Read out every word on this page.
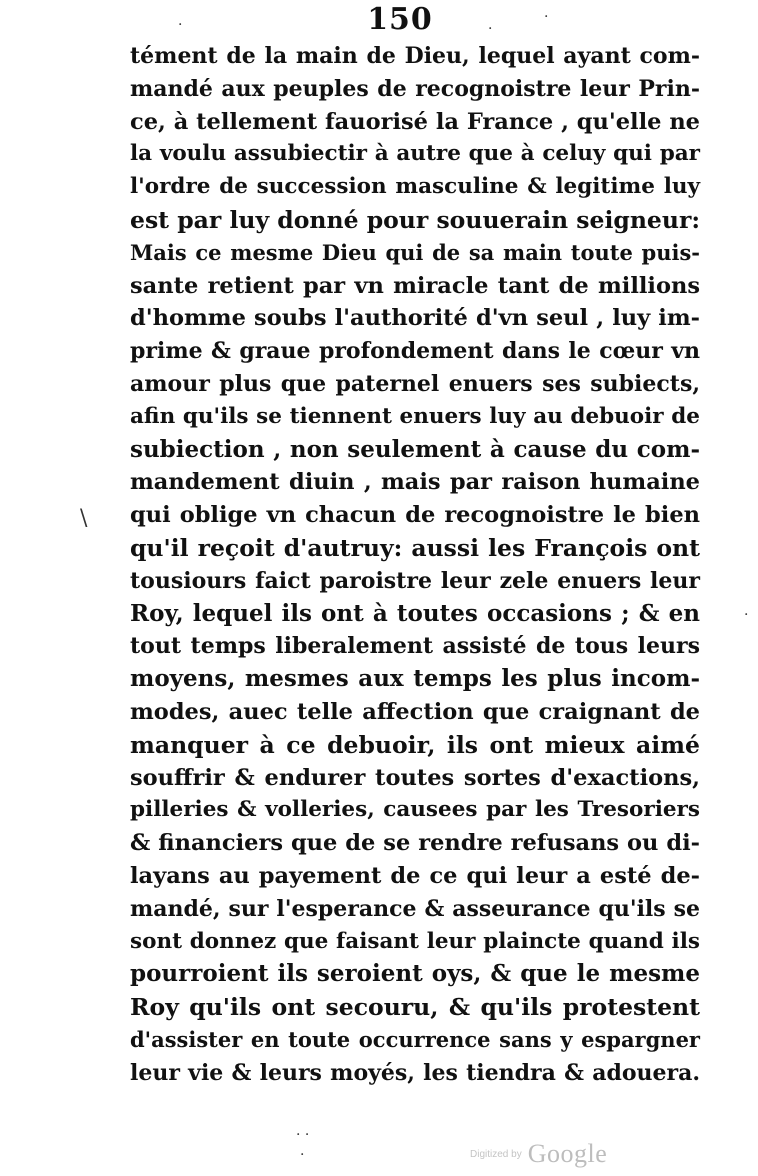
150
tément de la main de Dieu, lequel ayant com-
mandé aux peuples de recognoistre leur Prin-
ce, à tellement fauorisé la France , qu'elle ne
la voulu assubiectir à autre que à celuy qui par
l'ordre de succession masculine & legitime luy
est par luy donné pour souuerain seigneur:
Mais ce mesme Dieu qui de sa main toute puis-
sante retient par vn miracle tant de millions
d'homme soubs l'authorité d'vn seul , luy im-
prime & graue profondement dans le cœur vn
amour plus que paternel enuers ses subiects,
afin qu'ils se tiennent enuers luy au debuoir de
subiection , non seulement à cause du com-
mandement diuin , mais par raison humaine
qui oblige vn chacun de recognoistre le bien
qu'il reçoit d'autruy: aussi les François ont
tousiours faict paroistre leur zele enuers leur
Roy, lequel ils ont à toutes occasions ; & en
tout temps liberalement assisté de tous leurs
moyens, mesmes aux temps les plus incom-
modes, auec telle affection que craignant de
manquer à ce debuoir, ils ont mieux aimé
souffrir & endurer toutes sortes d'exactions,
pilleries & volleries, causees par les Tresoriers
& financiers que de se rendre refusans ou di-
layans au payement de ce qui leur a esté de-
mandé, sur l'esperance & asseurance qu'ils se
sont donnez que faisant leur plaincte quand ils
pourroient ils seroient oys, & que le mesme
Roy qu'ils ont secouru, & qu'ils protestent
d'assister en toute occurrence sans y espargner
leur vie & leurs moyés, les tiendra & adouera.
·	·
·
\
· ·
·
·
Digitized by Google
